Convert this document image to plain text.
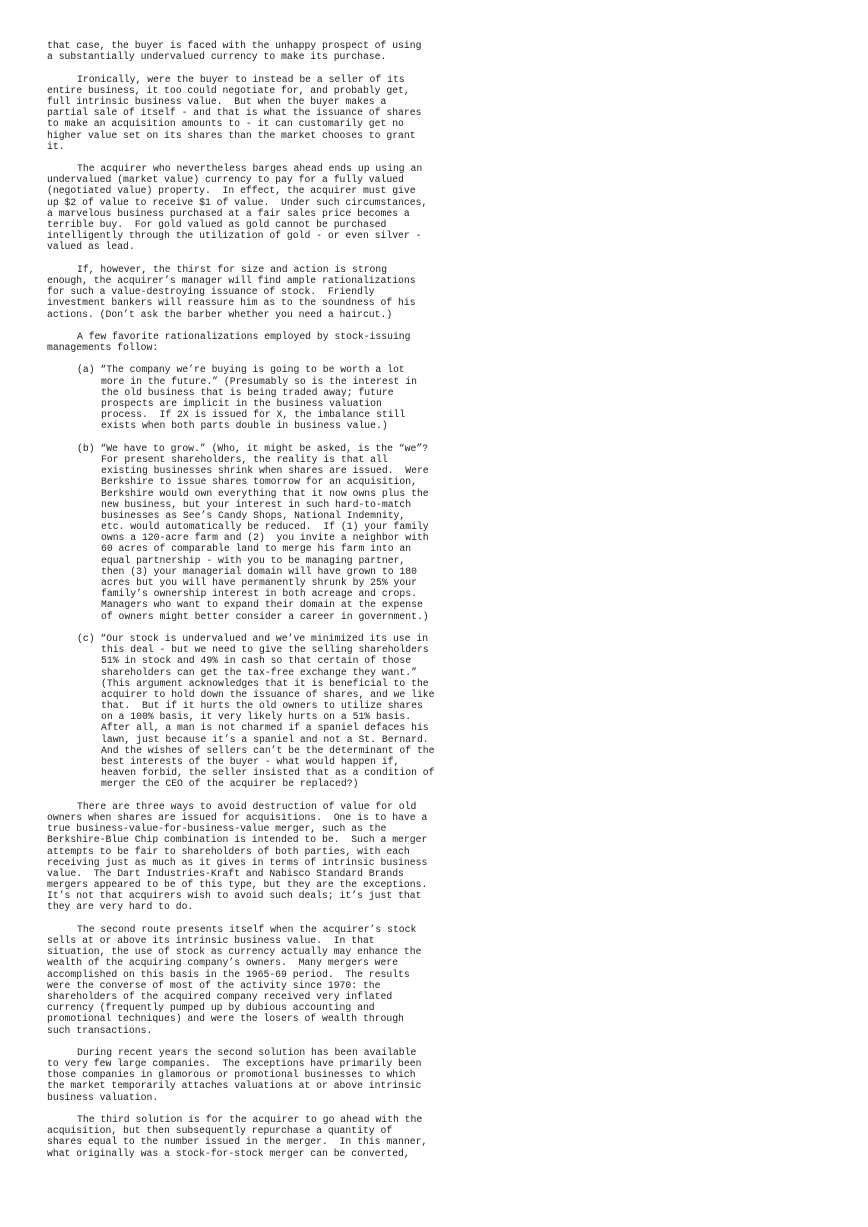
that case, the buyer is faced with the unhappy prospect of using
a substantially undervalued currency to make its purchase.
Ironically, were the buyer to instead be a seller of its
entire business, it too could negotiate for, and probably get,
full intrinsic business value.  But when the buyer makes a
partial sale of itself - and that is what the issuance of shares
to make an acquisition amounts to - it can customarily get no
higher value set on its shares than the market chooses to grant
it.
The acquirer who nevertheless barges ahead ends up using an
undervalued (market value) currency to pay for a fully valued
(negotiated value) property.  In effect, the acquirer must give
up $2 of value to receive $1 of value.  Under such circumstances,
a marvelous business purchased at a fair sales price becomes a
terrible buy.  For gold valued as gold cannot be purchased
intelligently through the utilization of gold - or even silver -
valued as lead.
If, however, the thirst for size and action is strong
enough, the acquirer’s manager will find ample rationalizations
for such a value-destroying issuance of stock.  Friendly
investment bankers will reassure him as to the soundness of his
actions. (Don’t ask the barber whether you need a haircut.)
A few favorite rationalizations employed by stock-issuing
managements follow:
(a) “The company we’re buying is going to be worth a lot
more in the future.” (Presumably so is the interest in
the old business that is being traded away; future
prospects are implicit in the business valuation
process.  If 2X is issued for X, the imbalance still
exists when both parts double in business value.)
(b) “We have to grow.” (Who, it might be asked, is the “we”?
For present shareholders, the reality is that all
existing businesses shrink when shares are issued.  Were
Berkshire to issue shares tomorrow for an acquisition,
Berkshire would own everything that it now owns plus the
new business, but your interest in such hard-to-match
businesses as See’s Candy Shops, National Indemnity,
etc. would automatically be reduced.  If (1) your family
owns a 120-acre farm and (2)  you invite a neighbor with
60 acres of comparable land to merge his farm into an
equal partnership - with you to be managing partner,
then (3) your managerial domain will have grown to 180
acres but you will have permanently shrunk by 25% your
family’s ownership interest in both acreage and crops.
Managers who want to expand their domain at the expense
of owners might better consider a career in government.)
(c) “Our stock is undervalued and we’ve minimized its use in
this deal - but we need to give the selling shareholders
51% in stock and 49% in cash so that certain of those
shareholders can get the tax-free exchange they want.”
(This argument acknowledges that it is beneficial to the
acquirer to hold down the issuance of shares, and we like
that.  But if it hurts the old owners to utilize shares
on a 100% basis, it very likely hurts on a 51% basis.
After all, a man is not charmed if a spaniel defaces his
lawn, just because it’s a spaniel and not a St. Bernard.
And the wishes of sellers can’t be the determinant of the
best interests of the buyer - what would happen if,
heaven forbid, the seller insisted that as a condition of
merger the CEO of the acquirer be replaced?)
There are three ways to avoid destruction of value for old
owners when shares are issued for acquisitions.  One is to have a
true business-value-for-business-value merger, such as the
Berkshire-Blue Chip combination is intended to be.  Such a merger
attempts to be fair to shareholders of both parties, with each
receiving just as much as it gives in terms of intrinsic business
value.  The Dart Industries-Kraft and Nabisco Standard Brands
mergers appeared to be of this type, but they are the exceptions.
It’s not that acquirers wish to avoid such deals; it’s just that
they are very hard to do.
The second route presents itself when the acquirer’s stock
sells at or above its intrinsic business value.  In that
situation, the use of stock as currency actually may enhance the
wealth of the acquiring company’s owners.  Many mergers were
accomplished on this basis in the 1965-69 period.  The results
were the converse of most of the activity since 1970: the
shareholders of the acquired company received very inflated
currency (frequently pumped up by dubious accounting and
promotional techniques) and were the losers of wealth through
such transactions.
During recent years the second solution has been available
to very few large companies.  The exceptions have primarily been
those companies in glamorous or promotional businesses to which
the market temporarily attaches valuations at or above intrinsic
business valuation.
The third solution is for the acquirer to go ahead with the
acquisition, but then subsequently repurchase a quantity of
shares equal to the number issued in the merger.  In this manner,
what originally was a stock-for-stock merger can be converted,
